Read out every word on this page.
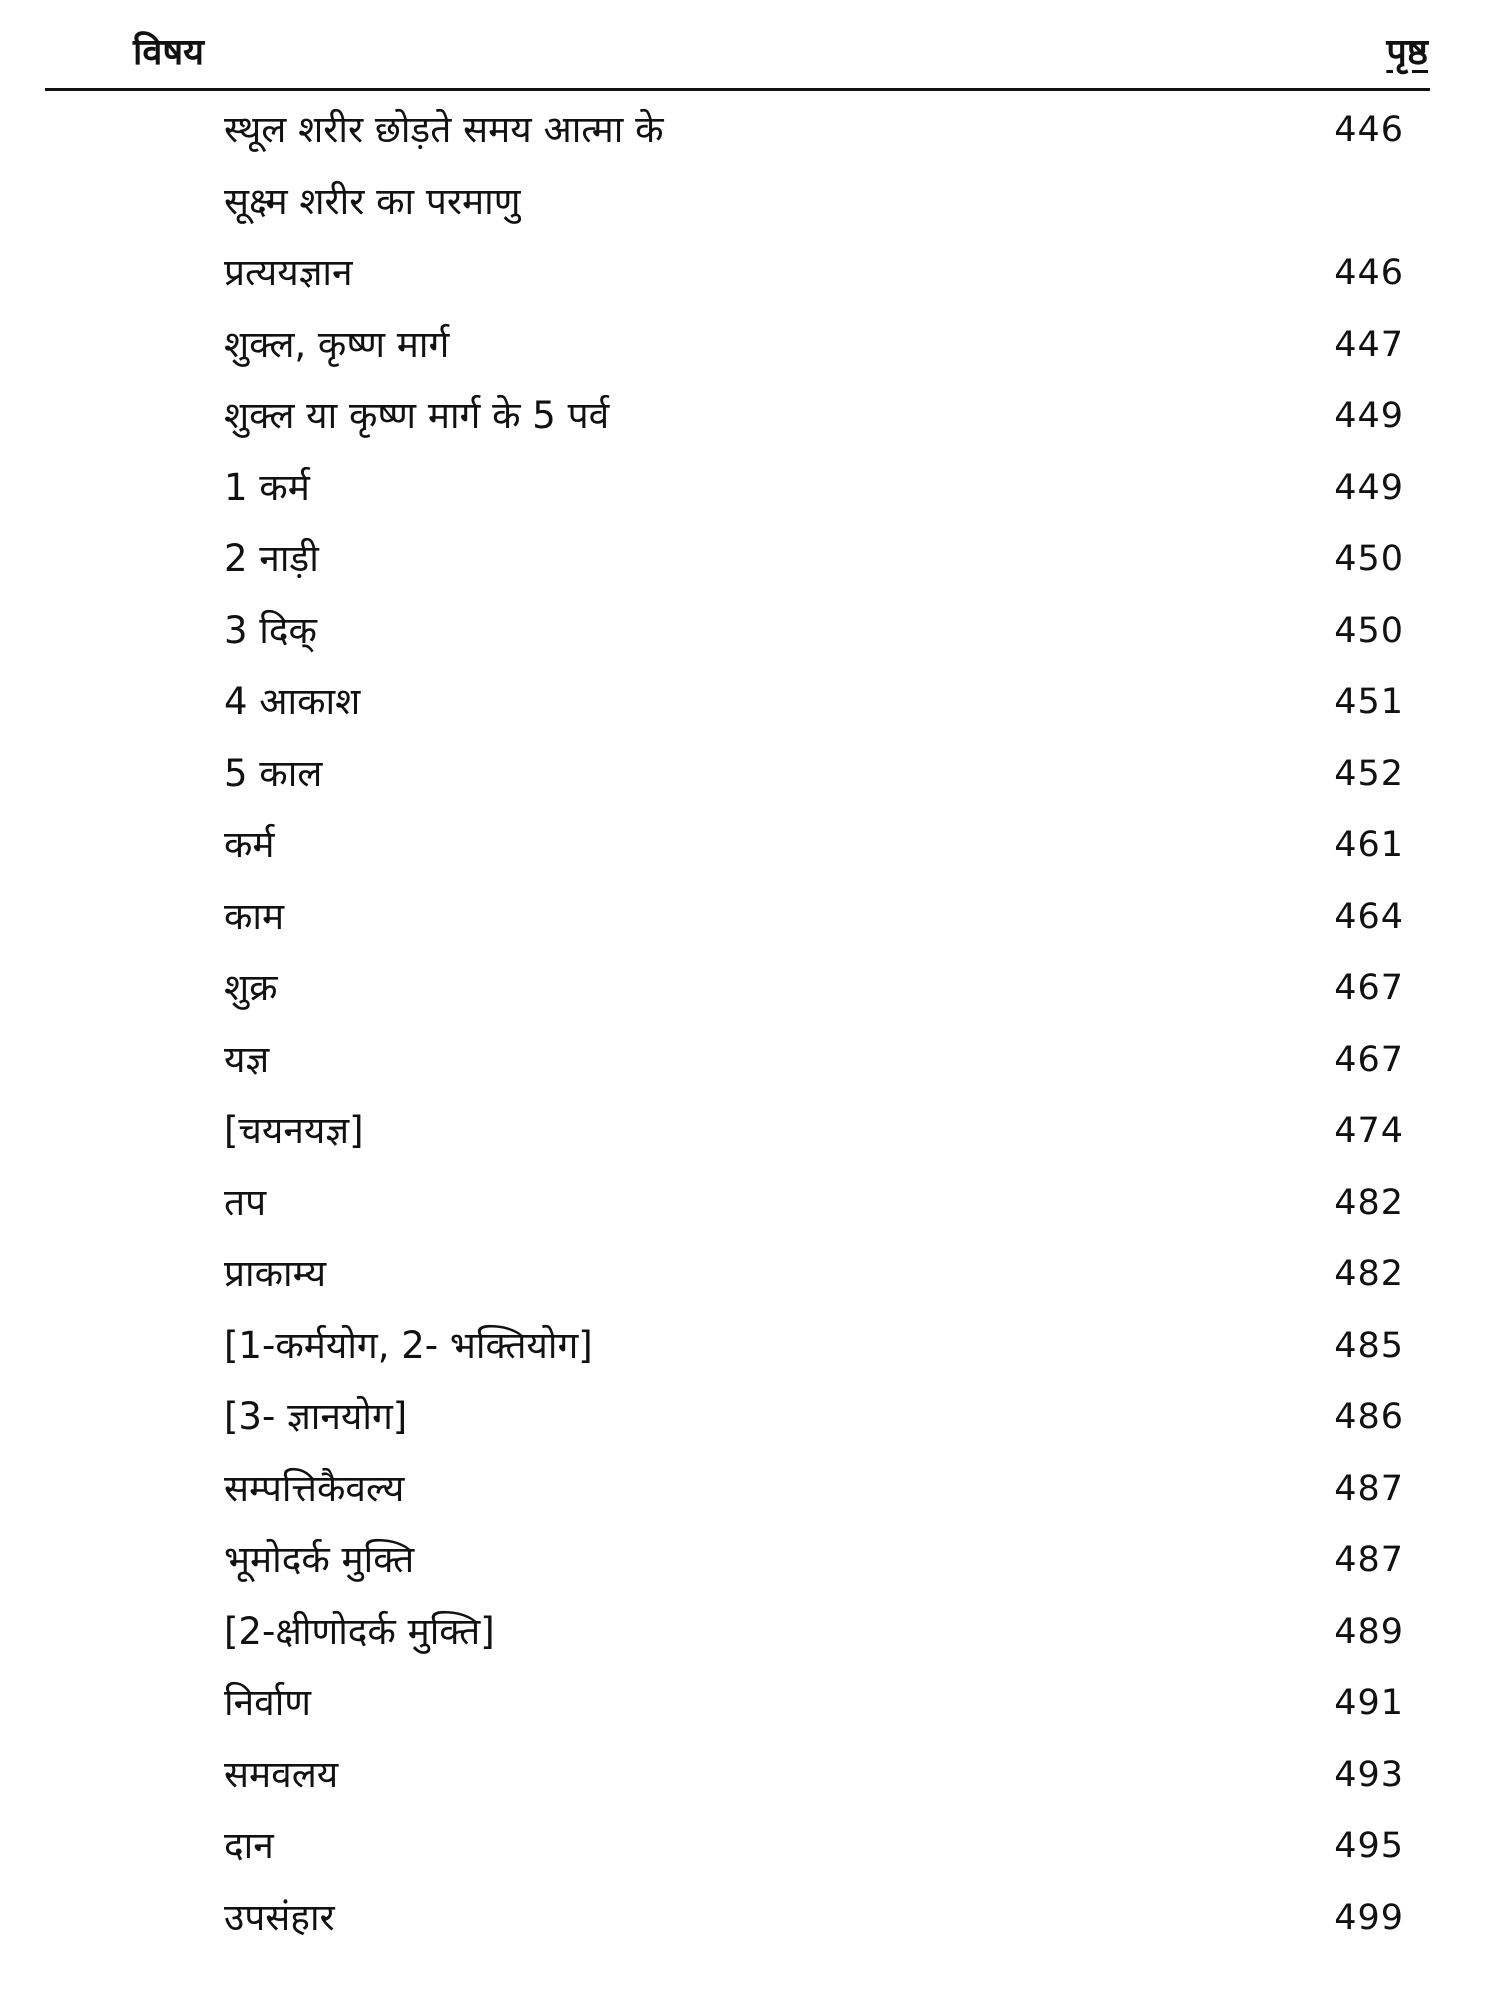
विषय	पृष्ठ
स्थूल शरीर छोड़ते समय आत्मा के	446
सूक्ष्म शरीर का परमाणु
प्रत्ययज्ञान	446
शुक्ल, कृष्ण मार्ग	447
शुक्ल या कृष्ण मार्ग के 5 पर्व	449
1 कर्म	449
2 नाड़ी	450
3 दिक्	450
4 आकाश	451
5 काल	452
कर्म	461
काम	464
शुक्र	467
यज्ञ	467
[चयनयज्ञ]	474
तप	482
प्राकाम्य	482
[1-कर्मयोग, 2- भक्तियोग]	485
[3- ज्ञानयोग]	486
सम्पत्तिकैवल्य	487
भूमोदर्क मुक्ति	487
[2-क्षीणोदर्क मुक्ति]	489
निर्वाण	491
समवलय	493
दान	495
उपसंहार	499
